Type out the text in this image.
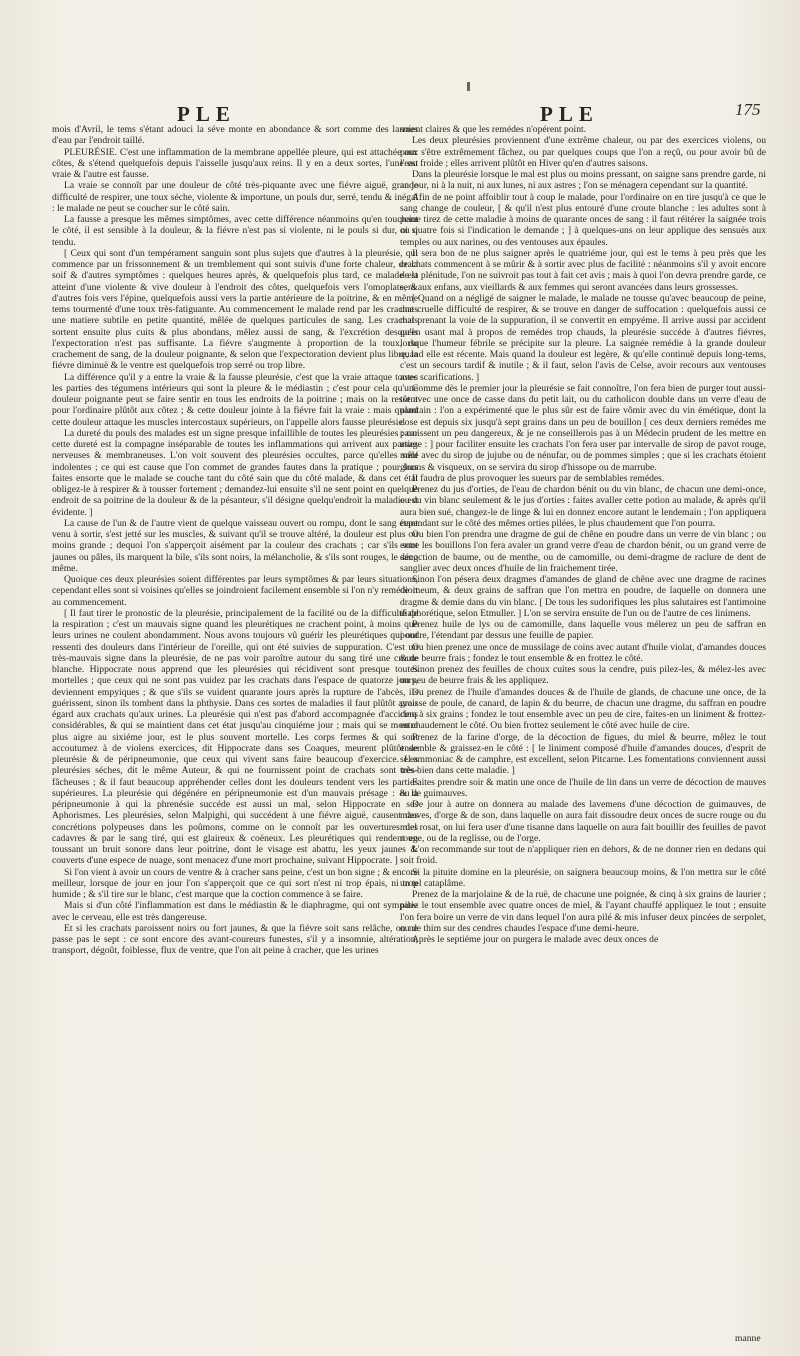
PLE	PLE	175

mois d'Avril, le tems s'étant adouci la séve monte en abondance & sort comme des larmes d'eau par l'endroit taillé.

PLEURÉSIE. C'est une inflammation de la membrane appellée pleure, qui est attachée aux côtes, & s'étend quelquefois depuis l'aisselle jusqu'aux reins. Il y en a deux sortes, l'une est vraie & l'autre est fausse.

La vraie se connoît par une douleur de côté très-piquante avec une fiévre aiguë, grande difficulté de respirer, une toux séche, violente & importune, un pouls dur, serré, tendu & inégal : le malade ne peut se coucher sur le côté sain.

La fausse a presque les mêmes simptômes, avec cette différence néanmoins qu'en touchant le côté, il est sensible à la douleur, & la fiévre n'est pas si violente, ni le pouls si dur, ni si tendu.

[ Ceux qui sont d'un tempérament sanguin sont plus sujets que d'autres à la pleurésie, qui commence par un frissonnement & un tremblement qui sont suivis d'une forte chaleur, de la soif & d'autres symptômes : quelques heures après, & quelquefois plus tard, ce malade est atteint d'une violente & vive douleur à l'endroit des côtes, quelquefois vers l'omoplate, & d'autres fois vers l'épine, quelquefois aussi vers la partie antérieure de la poitrine, & en même tems tourmenté d'une toux très-fatiguante. Au commencement le malade rend par les crachats une matiere subtile en petite quantité, mêlée de quelques particules de sang. Les crachats sortent ensuite plus cuits & plus abondans, mêlez aussi de sang, & l'excrétion desquels l'expectoration n'est pas suffisante. La fiévre s'augmente à proportion de la toux, du crachement de sang, de la douleur poignante, & selon que l'expectoration devient plus libre, la fiévre diminuë & le ventre est quelquefois trop serré ou trop libre.

La différence qu'il y a entre la vraie & la fausse pleurésie, c'est que la vraie attaque toutes les parties des tégumens intérieurs qui sont la pleure & le médiastin ; c'est pour cela qu'une douleur poignante peut se faire sentir en tous les endroits de la poitrine ; mais on la ressent pour l'ordinaire plûtôt aux côtez ; & cette douleur jointe à la fiévre fait la vraie : mais quand cette douleur attaque les muscles intercostaux supérieurs, on l'appelle alors fausse pleurésie.

La dureté du pouls des malades est un signe presque infaillible de toutes les pleurésies : car cette dureté est la compagne inséparable de toutes les inflammations qui arrivent aux parties nerveuses & membraneuses. L'on voit souvent des pleurésies occultes, parce qu'elles sont indolentes ; ce qui est cause que l'on commet de grandes fautes dans la pratique ; pour lors faites ensorte que le malade se couche tant du côté sain que du côté malade, & dans cet état obligez-le à respirer & à tousser fortement ; demandez-lui ensuite s'il ne sent point en quelque endroit de sa poitrine de la douleur & de la pésanteur, s'il désigne quelqu'endroit la maladie est évidente. ]

La cause de l'un & de l'autre vient de quelque vaisseau ouvert ou rompu, dont le sang étant venu à sortir, s'est jetté sur les muscles, & suivant qu'il se trouve altéré, la douleur est plus ou moins grande ; dequoi l'on s'apperçoit aisément par la couleur des crachats ; car s'ils sont jaunes ou pâles, ils marquent la bile, s'ils sont noirs, la mélancholie, & s'ils sont rouges, le sang même.

Quoique ces deux pleurésies soient différentes par leurs symptômes & par leurs situations, cependant elles sont si voisines qu'elles se joindroient facilement ensemble si l'on n'y remédioit au commencement.

[ Il faut tirer le pronostic de la pleurésie, principalement de la facilité ou de la difficulté de la respiration ; c'est un mauvais signe quand les pleurétiques ne crachent point, à moins que leurs urines ne coulent abondamment. Nous avons toujours vû guérir les pleurétiques qui ont ressenti des douleurs dans l'intérieur de l'oreille, qui ont été suivies de suppuration. C'est un très-mauvais signe dans la pleurésie, de ne pas voir paroître autour du sang tiré une croute blanche. Hippocrate nous apprend que les pleurésies qui récidivent sont presque toutes mortelles ; que ceux qui ne sont pas vuidez par les crachats dans l'espace de quatorze jours, deviennent empyiques ; & que s'ils se vuident quarante jours après la rupture de l'abcès, ils guérissent, sinon ils tombent dans la phthysie. Dans ces sortes de maladies il faut plûtôt avoir égard aux crachats qu'aux urines. La pleurésie qui n'est pas d'abord accompagnée d'accidens considérables, & qui se maintient dans cet état jusqu'au cinquiéme jour ; mais qui se montre plus aigre au sixiéme jour, est le plus souvent mortelle. Les corps fermes & qui sont accoutumez à de violens exercices, dit Hippocrate dans ses Coaques, meurent plûtôt de pleurésie & de péripneumonie, que ceux qui vivent sans faire beaucoup d'exercice. Les pleurésies séches, dit le même Auteur, & qui ne fournissent point de crachats sont très-fâcheuses ; & il faut beaucoup appréhender celles dont les douleurs tendent vers les parties supérieures. La pleurésie qui dégénére en péripneumonie est d'un mauvais présage : & la péripneumonie à qui la phrenésie succéde est aussi un mal, selon Hippocrate en ses Aphorismes. Les pleurésies, selon Malpighi, qui succédent à une fiévre aiguë, causent des concrétions polypeuses dans les poûmons, comme on le connoît par les ouvertures des cadavres & par le sang tiré, qui est glaireux & coëneux. Les pleurétiques qui rendent en toussant un bruit sonore dans leur poitrine, dont le visage est abattu, les yeux jaunes & couverts d'une espece de nuage, sont menacez d'une mort prochaine, suivant Hippocrate. ]

Si l'on vient à avoir un cours de ventre & à cracher sans peine, c'est un bon signe ; & encore meilleur, lorsque de jour en jour l'on s'apperçoit que ce qui sort n'est ni trop épais, ni trop humide ; & s'il tire sur le blanc, c'est marque que la coction commence à se faire.

Mais si d'un côté l'inflammation est dans le médiastin & le diaphragme, qui ont sympatie avec le cerveau, elle est très dangereuse.

Et si les crachats paroissent noirs ou fort jaunes, & que la fiévre soit sans relâche, on ne passe pas le sept : ce sont encore des avant-coureurs funestes, s'il y a insomnie, altération, transport, dégoût, foiblesse, flux de ventre, que l'on ait peine à cracher, que les urines

soient claires & que les remédes n'opérent point.

Les deux pleurésies proviennent d'une extrême chaleur, ou par des exercices violens, ou pour s'être extrêmement fâchez, ou par quelques coups que l'on a reçû, ou pour avoir bû de l'eau froide ; elles arrivent plûtôt en Hiver qu'en d'autres saisons.

Dans la pleurésie lorsque le mal est plus ou moins pressant, on saigne sans prendre garde, ni au jour, ni à la nuit, ni aux lunes, ni aux astres ; l'on se ménagera cependant sur la quantité.

Afin de ne point affoiblir tout à coup le malade, pour l'ordinaire on en tire jusqu'à ce que le sang change de couleur, [ & qu'il n'est plus entouré d'une croute blanche : les adultes sont à peine tirez de cette maladie à moins de quarante onces de sang : il faut réitérer la saignée trois ou quatre fois si l'indication le demande ; ] à quelques-uns on leur applique des sensuës aux temples ou aux narines, ou des ventouses aux épaules.

Il sera bon de ne plus saigner après le quatriéme jour, qui est le tems à peu près que les crachats commencent à se mûrir & à sortir avec plus de facilité : néanmoins s'il y avoit encore de la plénitude, l'on ne suivroit pas tout à fait cet avis ; mais à quoi l'on devra prendre garde, ce sera aux enfans, aux vieillards & aux femmes qui seront avancées dans leurs grossesses.

[ Quand on a négligé de saigner le malade, le malade ne tousse qu'avec beaucoup de peine, une cruelle difficulté de respirer, & se trouve en danger de suffocation : quelquefois aussi ce mal prenant la voie de la suppuration, il se convertit en empyéme. Il arrive aussi par accident qu'en usant mal à propos de remédes trop chauds, la pleurésie succéde à d'autres fiévres, lorsque l'humeur fébrile se précipite sur la pleure. La saignée remédie à la grande douleur quand elle est récente. Mais quand la douleur est legère, & qu'elle continuë depuis long-tems, c'est un secours tardif & inutile ; & il faut, selon l'avis de Celse, avoir recours aux ventouses avec scarifications. ]

Comme dès le premier jour la pleurésie se fait connoître, l'on fera bien de purger tout aussi-tôt avec une once de casse dans du petit lait, ou du catholicon double dans un verre d'eau de plantain : l'on a expérimenté que le plus sûr est de faire vômir avec du vin émétique, dont la dose est depuis six jusqu'à sept grains dans un peu de bouillon [ ces deux derniers remédes me paroissent un peu dangereux, & je ne conseillerois pas à un Médecin prudent de les mettre en usage : ] pour faciliter ensuite les crachats l'on fera user par intervalle de sirop de pavot rouge, mêlé avec du sirop de jujube ou de nénufar, ou de pommes simples ; que si les crachats étoient gluans & visqueux, on se servira du sirop d'hissope ou de marrube.

Il faudra de plus provoquer les sueurs par de semblables remédes.

Prenez du jus d'orties, de l'eau de chardon bénit ou du vin blanc, de chacun une demi-once, ou du vin blanc seulement & le jus d'orties : faites avaller cette potion au malade, & après qu'il aura bien sué, changez-le de linge & lui en donnez encore autant le lendemain ; l'on appliquera cependant sur le côté des mêmes orties pilées, le plus chaudement que l'on pourra.

Ou bien l'on prendra une dragme de gui de chêne en poudre dans un verre de vin blanc ; ou entre les bouillons l'on fera avaler un grand verre d'eau de chardon bénit, ou un grand verre de décoction de baume, ou de menthe, ou de camomille, ou demi-dragme de raclure de dent de sanglier avec deux onces d'huile de lin fraichement tirée.

Sinon l'on pésera deux dragmes d'amandes de gland de chêne avec une dragme de racines de meum, & deux grains de saffran que l'on mettra en poudre, de laquelle on donnera une dragme & demie dans du vin blanc. [ De tous les sudorifiques les plus salutaires est l'antimoine diaphorétique, selon Etmuller. ] L'on se servira ensuite de l'un ou de l'autre de ces linimens.

Prenez huile de lys ou de camomille, dans laquelle vous mélerez un peu de saffran en poudre, l'étendant par dessus une feuille de papier.

Ou bien prenez une once de mussilage de coins avec autant d'huile violat, d'amandes douces & de beurre frais ; fondez le tout ensemble & en frottez le côté.

Sinon prenez des feuilles de choux cuites sous la cendre, puis pilez-les, & mélez-les avec un peu de beurre frais & les appliquez.

Ou prenez de l'huile d'amandes douces & de l'huile de glands, de chacune une once, de la graisse de poule, de canard, de lapin & du beurre, de chacun une dragme, du saffran en poudre cinq à six grains ; fondez le tout ensemble avec un peu de cire, faites-en un liniment & frottez-en chaudement le côté. Ou bien frottez seulement le côté avec huile de cire.

Prenez de la farine d'orge, de la décoction de figues, du miel & beurre, mêlez le tout ensemble & graissez-en le côté : [ le liniment composé d'huile d'amandes douces, d'esprit de sel ammoniac & de camphre, est excellent, selon Pitcarne. Les fomentations conviennent aussi très-bien dans cette maladie. ]

Faites prendre soir & matin une once de l'huile de lin dans un verre de décoction de mauves ou de guimauves.

De jour à autre on donnera au malade des lavemens d'une décoction de guimauves, de mauves, d'orge & de son, dans laquelle on aura fait dissoudre deux onces de sucre rouge ou du miel rosat, on lui fera user d'une tisanne dans laquelle on aura fait bouillir des feuilles de pavot rouge, ou de la reglisse, ou de l'orge.

L'on recommande sur tout de n'appliquer rien en dehors, & de ne donner rien en dedans qui soit froid.

Si la pituite domine en la pleurésie, on saignera beaucoup moins, & l'on mettra sur le côté un tel cataplâme.

Prenez de la marjolaine & de la ruë, de chacune une poignée, & cinq à six grains de laurier ; pilez le tout ensemble avec quatre onces de miel, & l'ayant chauffé appliquez le tout ; ensuite l'on fera boire un verre de vin dans lequel l'on aura pilé & mis infuser deux pincées de serpolet, ou de thim sur des cendres chaudes l'espace d'une demi-heure.

Après le septiéme jour on purgera le malade avec deux onces de

manne
